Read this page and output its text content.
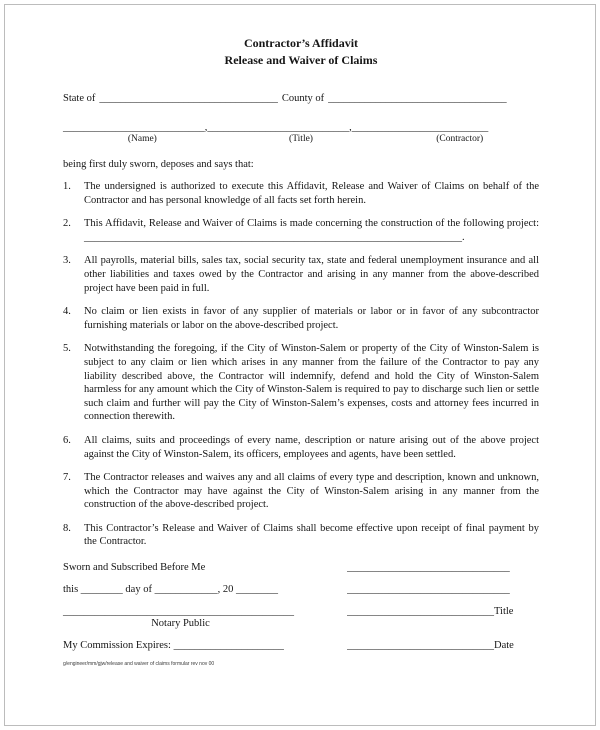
Contractor’s Affidavit
Release and Waiver of Claims
State of __________________________________ County of __________________________________
___________________________, ___________________________, __________________________
(Name)	(Title)	(Contractor)
being first duly sworn, deposes and says that:
1.	The undersigned is authorized to execute this Affidavit, Release and Waiver of Claims on behalf of the Contractor and has personal knowledge of all facts set forth herein.
2.	This Affidavit, Release and Waiver of Claims is made concerning the construction of the following project: ________________________________________________________________________.
3.	All payrolls, material bills, sales tax, social security tax, state and federal unemployment insurance and all other liabilities and taxes owed by the Contractor and arising in any manner from the above-described project have been paid in full.
4.	No claim or lien exists in favor of any supplier of materials or labor or in favor of any subcontractor furnishing materials or labor on the above-described project.
5.	Notwithstanding the foregoing, if the City of Winston-Salem or property of the City of Winston-Salem is subject to any claim or lien which arises in any manner from the failure of the Contractor to pay any liability described above, the Contractor will indemnify, defend and hold the City of Winston-Salem harmless for any amount which the City of Winston-Salem is required to pay to discharge such lien or settle such claim and further will pay the City of Winston-Salem’s expenses, costs and attorney fees incurred in connection therewith.
6.	All claims, suits and proceedings of every name, description or nature arising out of the above project against the City of Winston-Salem, its officers, employees and agents, have been settled.
7.	The Contractor releases and waives any and all claims of every type and description, known and unknown, which the Contractor may have against the City of Winston-Salem arising in any manner from the construction of the above-described project.
8.	This Contractor’s Release and Waiver of Claims shall become effective upon receipt of final payment by the Contractor.
Sworn and Subscribed Before Me	_______________________________
this ________ day of ____________, 20 ________	_______________________________
____________________________________________	____________________________Title
Notary Public
My Commission Expires: _____________________	____________________________Date
g/engineer/mm/gjw/release and waiver of claims formular rev nov 00
